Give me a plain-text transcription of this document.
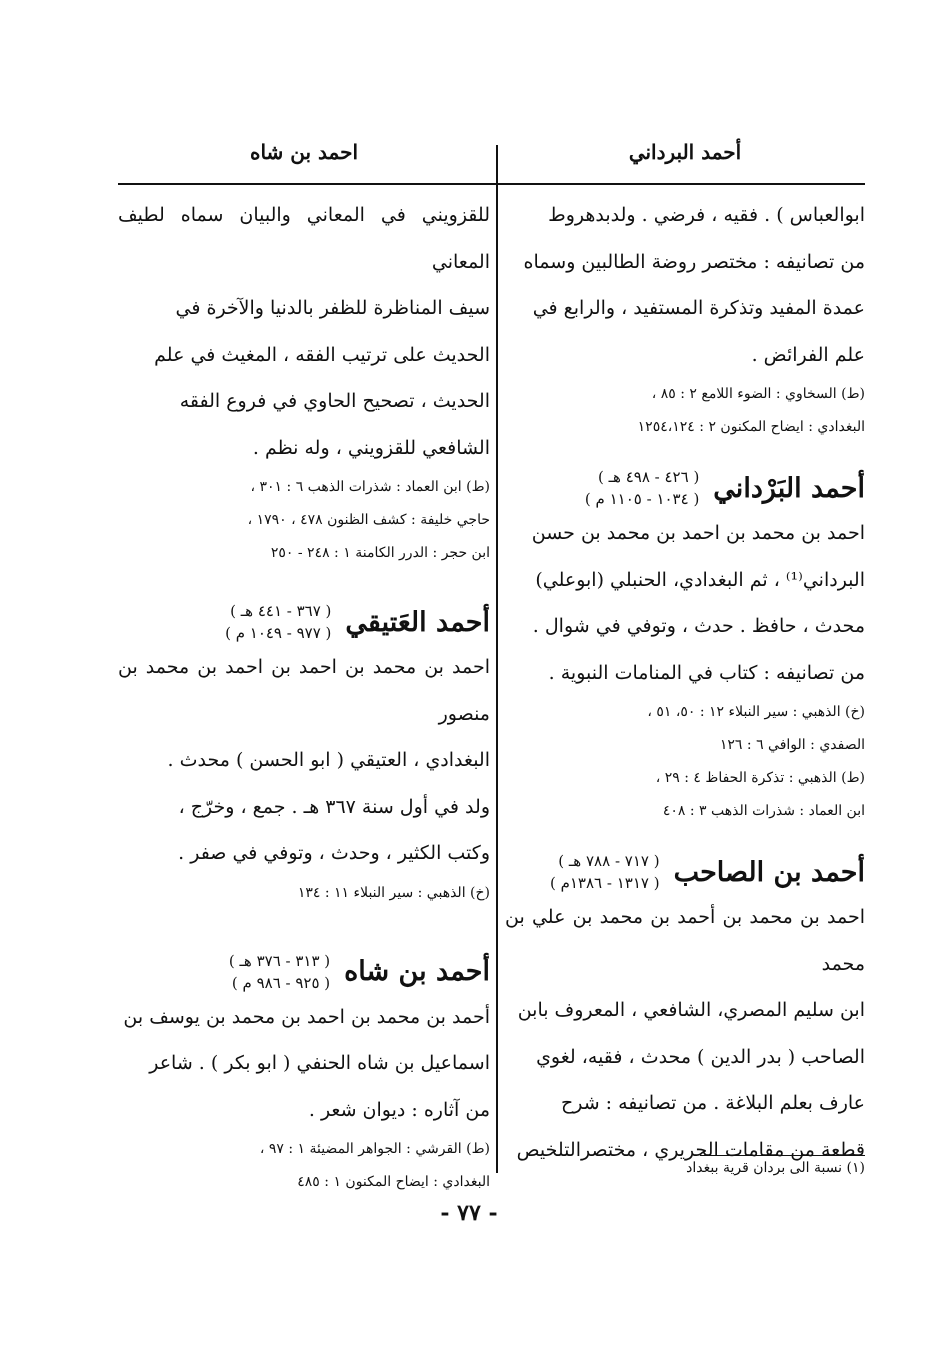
أحمد البرداني
احمد بن شاه

ابوالعباس ) . فقيه ، فرضي . ولدبدهروط

من تصانيفه : مختصر روضة الطالبين وسماه

عمدة المفيد وتذكرة المستفيد ، والرابع في

علم الفرائض .

(ط) السخاوي : الضوء اللامع ٢ : ٨٥ ،
البغدادي : ايضاح المكنون ٢ : ١٢٥٤،١٢٤
أحمد البَرْداني
( ٤٢٦ - ٤٩٨ هـ )
( ١٠٣٤ - ١١٠٥ م )

احمد بن محمد بن احمد بن محمد بن حسن

البرداني⁽¹⁾ ، ثم البغدادي، الحنبلي (ابوعلي)

محدث ، حافظ . حدث ، وتوفي في شوال .

من تصانيفه : كتاب في المنامات النبوية .

(خ) الذهبي : سير النبلاء ١٢ : ٥٠، ٥١ ،
الصفدي : الوافي ٦ : ١٢٦
(ط) الذهبي : تذكرة الحفاظ ٤ : ٢٩ ،
ابن العماد : شذرات الذهب ٣ : ٤٠٨
أحمد بن الصاحب
( ٧١٧ - ٧٨٨ هـ )
( ١٣١٧ - ١٣٨٦م )

احمد بن محمد بن أحمد بن محمد بن علي بن محمد

ابن سليم المصري، الشافعي ، المعروف بابن

الصاحب ( بدر الدين ) محدث ، فقيه، لغوي

عارف بعلم البلاغة . من تصانيفه : شرح

قطعة من مقامات الحريري ، مختصرالتلخيص

(١) نسبة الى بردان قرية ببغداد

للقزويني في المعاني والبيان سماه لطيف المعاني

سيف المناظرة للظفر بالدنيا والآخرة في

الحديث على ترتيب الفقه ، المغيث في علم

الحديث ، تصحيح الحاوي في فروع الفقه

الشافعي للقزويني ، وله نظم .

(ط) ابن العماد : شذرات الذهب ٦ : ٣٠١ ،
حاجي خليفة : كشف الظنون ٤٧٨ ، ١٧٩٠ ،
ابن حجر : الدرر الكامنة ١ : ٢٤٨ - ٢٥٠
أحمد العَتيقي
( ٣٦٧ - ٤٤١ هـ )
( ٩٧٧ - ١٠٤٩ م )

احمد بن محمد بن احمد بن احمد بن محمد بن منصور

البغدادي ، العتيقي ( ابو الحسن ) محدث .

ولد في أول سنة ٣٦٧ هـ . جمع ، وخرّج ،

وكتب الكثير ، وحدث ، وتوفي في صفر .

(خ) الذهبي : سير النبلاء ١١ : ١٣٤
أحمد بن شاه
( ٣١٣ - ٣٧٦ هـ )
( ٩٢٥ - ٩٨٦ م )

أحمد بن محمد بن احمد بن محمد بن يوسف بن

اسماعيل بن شاه الحنفي ( ابو بكر ) . شاعر

من آثاره : ديوان شعر .

(ط) القرشي : الجواهر المضيئة ١ : ٩٧ ،
البغدادي : ايضاح المكنون ١ : ٤٨٥
- ٧٧ -
